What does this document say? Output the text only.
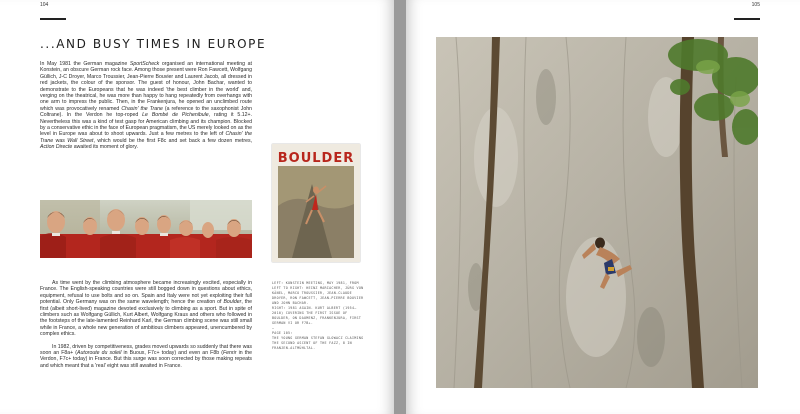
104
...AND BUSY TIMES IN EUROPE

In May 1981 the German magazine SportScheck organised an international meeting at Konstein, an obscure German rock face. Among those present were Ron Fawcett, Wolfgang Güllich, J-C Droyer, Marco Troussier, Jean-Pierre Bouvier and Laurent Jacob, all dressed in red jackets, the colour of the sponsor. The guest of honour, John Bachar, wanted to demonstrate to the Europeans that he was indeed 'the best climber in the world' and, verging on the theatrical, he was more than happy to hang repeatedly from overhangs with one arm to impress the public. Then, in the Frankenjura, he opened an unclimbed route which was provocatively renamed Chasin' the Trane (a reference to the saxophonist John Coltrane). In the Verdon he top-roped Le Bombé de Pichenibule, rating it 5.12+. Nevertheless this was a kind of test gasp for American climbing and its champion. Blocked by a conservative ethic in the face of European pragmatism, the US merely looked on as the level in Europe was about to shoot upwards. Just a few metres to the left of Chasin' the Trane was Wall Street, which would be the first F8c and set back a few dozen metres, Action Directe awaited its moment of glory.

BOULDER

As time went by the climbing atmosphere became increasingly excited, especially in France. The English-speaking countries were still bogged down in questions about ethics, equipment, refusal to use bolts and so on. Spain and Italy were not yet exploiting their full potential. Only Germany was on the same wavelength; hence the creation of Boulder, the first (albeit short-lived) magazine devoted exclusively to climbing as a sport. But in spite of climbers such as Wolfgang Güllich, Kurt Albert, Wolfgang Kraus and others who followed in the footsteps of the late-lamented Reinhard Karl, the German climbing scene was still small while in France, a whole new generation of ambitious climbers appeared, unencumbered by complex ethics.

In 1982, driven by competitiveness, grades moved upwards so suddenly that there was soon an F8a+ (Autoroute du soleil in Buoux, F7c+ today) and even an F8b (Fenrir in the Verdon, F7c+ today) in France. But this surge was soon corrected by those making repeats and which meant that a 'real' eight was still awaited in France.

LEFT: KONSTEIN MEETING, MAY 1981, FROM LEFT TO RIGHT: HEINZ MARIACHER, JÜRG VON KÄNEL, MARCO TROUSSIER, JEAN-CLAUDE DROYER, RON FAWCETT, JEAN-PIERRE BOUVIER AND JOHN BACHAR.

RIGHT: 1981 AGAIN. KURT ALBERT (1954–2010) COVERING THE FIRST ISSUE OF BOULDER, ON DAUMENZ, FRANKENJURA, FIRST GERMAN VI OR F7B+.

—

PAGE 105:

THE YOUNG GERMAN STEFAN GLOWACZ CLAIMING THE SECOND ASCENT OF THE FAZZ, 8 IN FRANJEN-ALTMÜHLTAL.

105
